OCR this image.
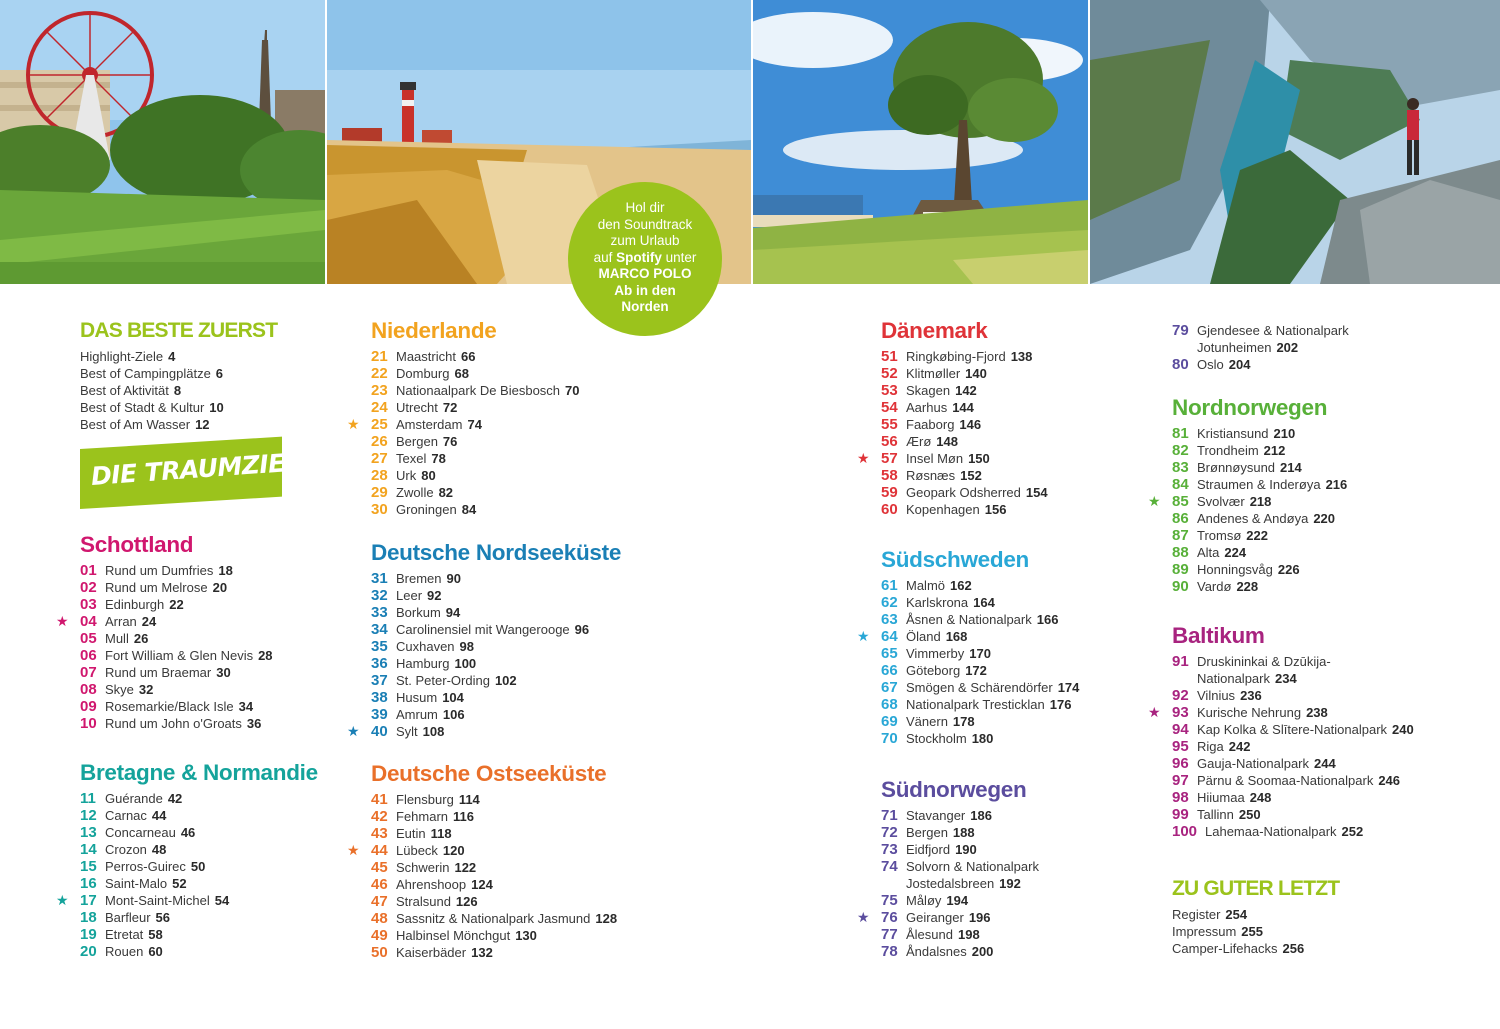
Hol dir
den Soundtrack
zum Urlaub
auf Spotify unter
MARCO POLO
Ab in den
Norden
DAS BESTE ZUERST
Highlight-Ziele 4
Best of Campingplätze 6
Best of Aktivität 8
Best of Stadt & Kultur 10
Best of Am Wasser 12
Schottland
01 Rund um Dumfries 18
02 Rund um Melrose 20
03 Edinburgh 22
★ 04 Arran 24
05 Mull 26
06 Fort William & Glen Nevis 28
07 Rund um Braemar 30
08 Skye 32
09 Rosemarkie/Black Isle 34
10 Rund um John o'Groats 36
Bretagne & Normandie
11 Guérande 42
12 Carnac 44
13 Concarneau 46
14 Crozon 48
15 Perros-Guirec 50
16 Saint-Malo 52
★ 17 Mont-Saint-Michel 54
18 Barfleur 56
19 Etretat 58
20 Rouen 60
DIE TRAUMZIELE
Niederlande
21 Maastricht 66
22 Domburg 68
23 Nationaalpark De Biesbosch 70
24 Utrecht 72
★ 25 Amsterdam 74
26 Bergen 76
27 Texel 78
28 Urk 80
29 Zwolle 82
30 Groningen 84
Deutsche Nordseeküste
31 Bremen 90
32 Leer 92
33 Borkum 94
34 Carolinensiel mit Wangerooge 96
35 Cuxhaven 98
36 Hamburg 100
37 St. Peter-Ording 102
38 Husum 104
39 Amrum 106
★ 40 Sylt 108
Deutsche Ostseeküste
41 Flensburg 114
42 Fehmarn 116
43 Eutin 118
★ 44 Lübeck 120
45 Schwerin 122
46 Ahrenshoop 124
47 Stralsund 126
48 Sassnitz & Nationalpark Jasmund 128
49 Halbinsel Mönchgut 130
50 Kaiserbäder 132
Dänemark
51 Ringkøbing-Fjord 138
52 Klitmøller 140
53 Skagen 142
54 Aarhus 144
55 Faaborg 146
56 Ærø 148
★ 57 Insel Møn 150
58 Røsnæs 152
59 Geopark Odsherred 154
60 Kopenhagen 156
Südschweden
61 Malmö 162
62 Karlskrona 164
63 Åsnen & Nationalpark 166
★ 64 Öland 168
65 Vimmerby 170
66 Göteborg 172
67 Smögen & Schärendörfer 174
68 Nationalpark Tresticklan 176
69 Vänern 178
70 Stockholm 180
Südnorwegen
71 Stavanger 186
72 Bergen 188
73 Eidfjord 190
74 Solvorn & Nationalpark Jostedalsbreen 192
75 Måløy 194
★ 76 Geiranger 196
77 Ålesund 198
78 Åndalsnes 200
79 Gjendesee & Nationalpark Jotunheimen 202
80 Oslo 204
Nordnorwegen
81 Kristiansund 210
82 Trondheim 212
83 Brønnøysund 214
84 Straumen & Inderøya 216
★ 85 Svolvær 218
86 Andenes & Andøya 220
87 Tromsø 222
88 Alta 224
89 Honningsvåg 226
90 Vardø 228
Baltikum
91 Druskininkai & Dzūkija-Nationalpark 234
92 Vilnius 236
★ 93 Kurische Nehrung 238
94 Kap Kolka & Slītere-Nationalpark 240
95 Riga 242
96 Gauja-Nationalpark 244
97 Pärnu & Soomaa-Nationalpark 246
98 Hiiumaa 248
99 Tallinn 250
100 Lahemaa-Nationalpark 252
ZU GUTER LETZT
Register 254
Impressum 255
Camper-Lifehacks 256
